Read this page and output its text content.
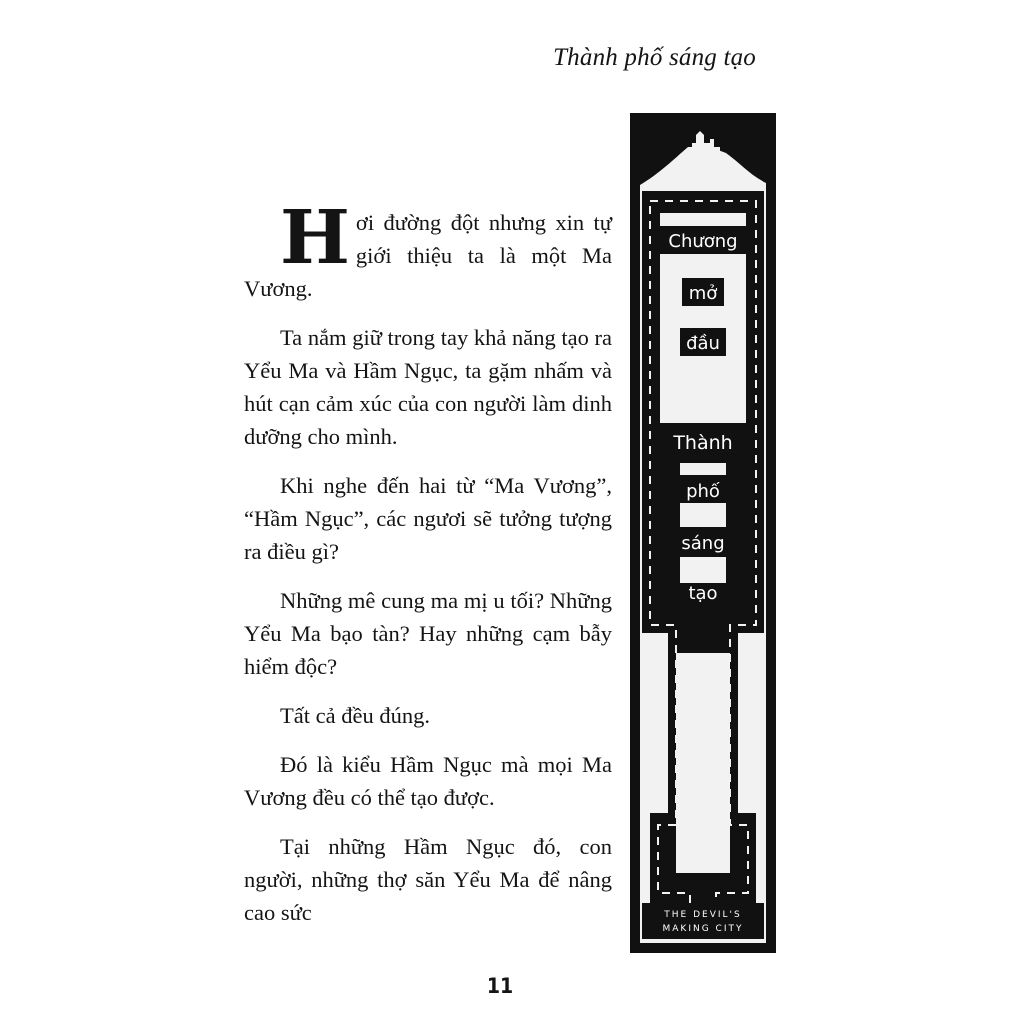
Thành phố sáng tạo

Hơi đường đột nhưng xin tự giới thiệu ta là một Ma Vương.

Ta nắm giữ trong tay khả năng tạo ra Yểu Ma và Hầm Ngục, ta gặm nhấm và hút cạn cảm xúc của con người làm dinh dưỡng cho mình.

Khi nghe đến hai từ “Ma Vương”, “Hầm Ngục”, các ngươi sẽ tưởng tượng ra điều gì?

Những mê cung ma mị u tối? Những Yểu Ma bạo tàn? Hay những cạm bẫy hiểm độc?

Tất cả đều đúng.

Đó là kiểu Hầm Ngục mà mọi Ma Vương đều có thể tạo được.

Tại những Hầm Ngục đó, con người, những thợ săn Yểu Ma để nâng cao sức

Chương
mở
đầu
Thành
phố
sáng
tạo
THE DEVIL'S
MAKING CITY
11
